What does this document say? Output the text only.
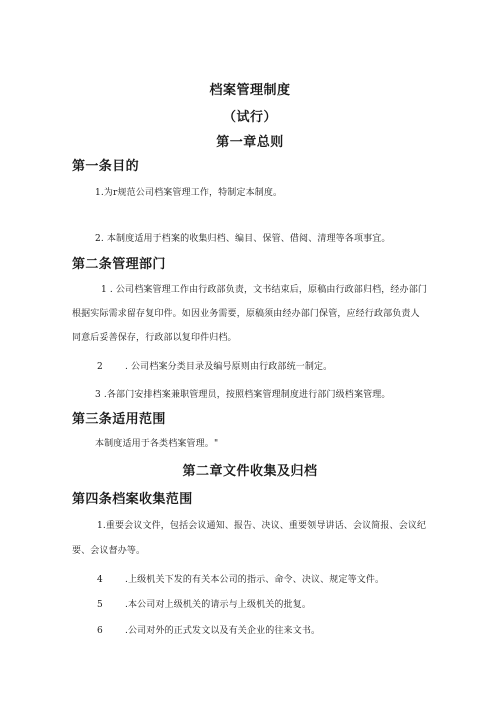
档案管理制度
（试行）
第一章总则
第一条目的
1.为r规范公司档案管理工作，特制定本制度。
2. 本制度适用于档案的收集归档、编目、保管、借阅、清理等各项事宜。
第二条管理部门
1 . 公司档案管理工作由行政部负责，文书结束后，原稿由行政部归档，经办部门
根据实际需求留存复印件。如因业务需要，原稿须由经办部门保管，应经行政部负责人
同意后妥善保存，行政部以复印件归档。
2 . 公司档案分类目录及编号原则由行政部统一制定。
3 .各部门安排档案兼职管理员，按照档案管理制度进行部门级档案管理。
第三条适用范围
本制度适用于各类档案管理。"
第二章文件收集及归档
第四条档案收集范围
1.重要会议文件，包括会议通知、报告、决议、重要领导讲话、会议简报、会议纪
要、会议督办等。
4 .上级机关下发的有关本公司的指示、命令、决议、规定等文件。
5 .本公司对上级机关的请示与上级机关的批复。
6 .公司对外的正式发文以及有关企业的往来文书。
